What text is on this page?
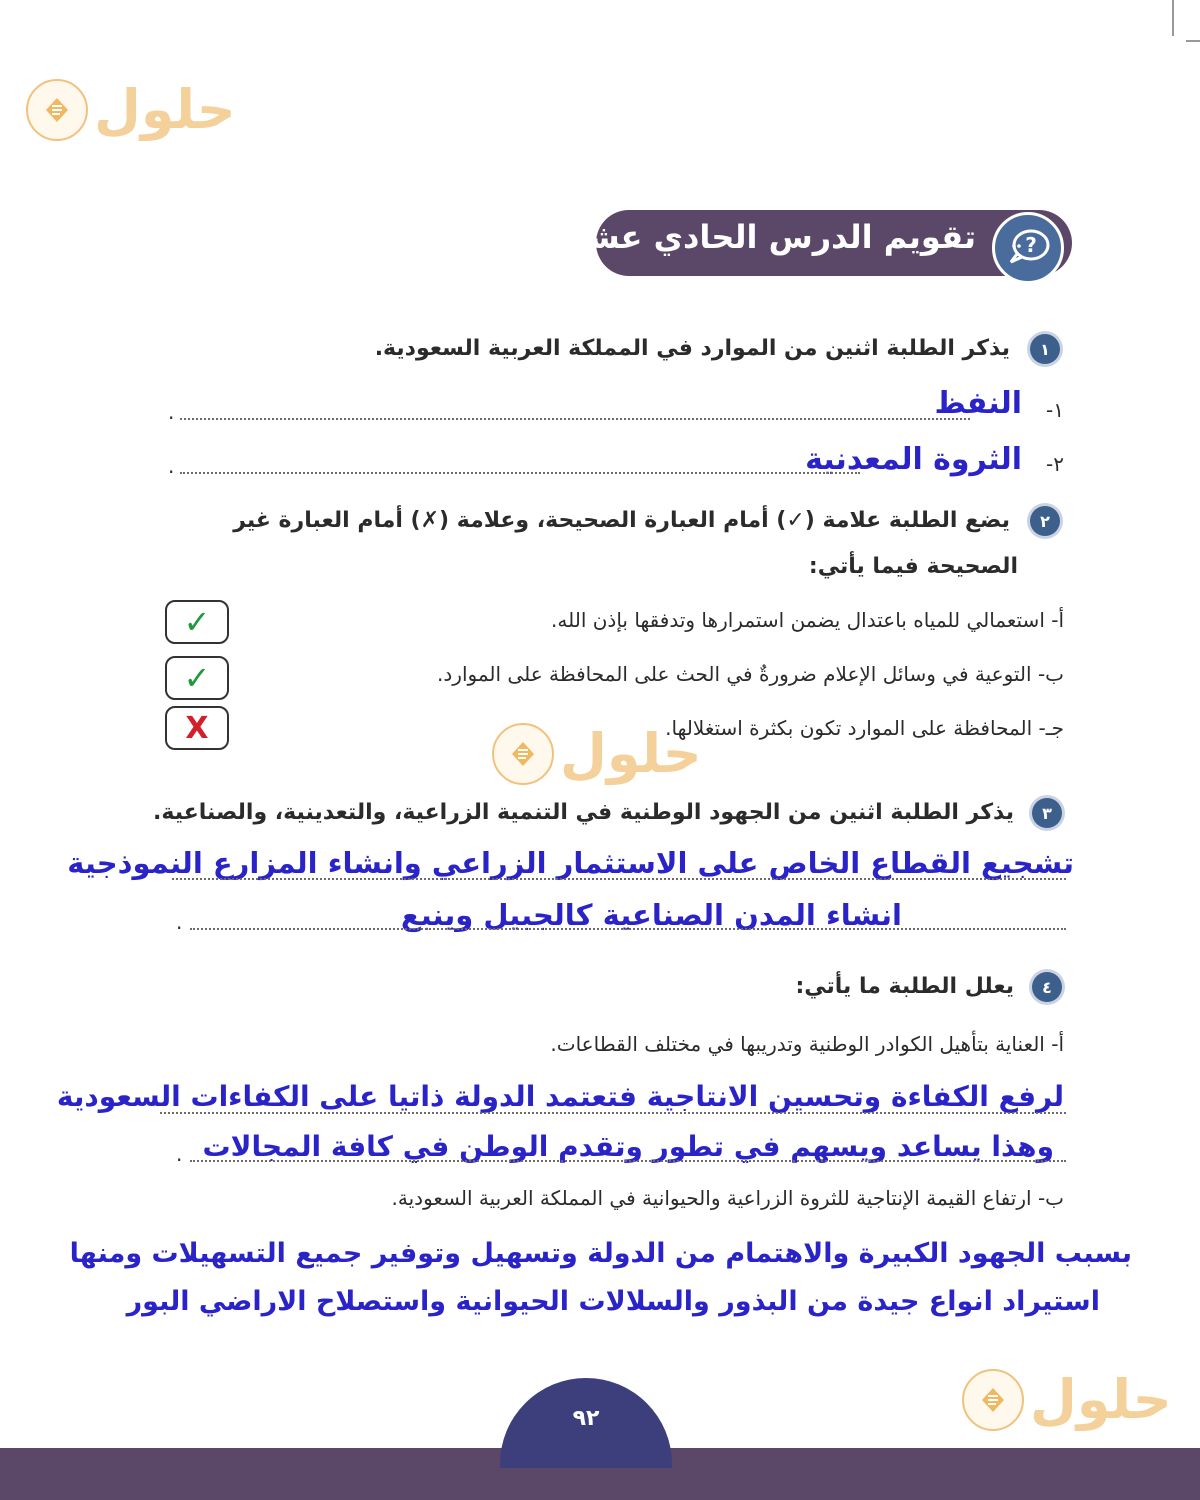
حلول
حلول
حلول
تقويم الدرس الحادي عشر ?
١
يذكر الطلبة اثنين من الموارد في المملكة العربية السعودية.
١-
النفظ
.
٢-
الثروة المعدنية
.
٢
يضع الطلبة علامة (✓) أمام العبارة الصحيحة، وعلامة (✗) أمام العبارة غير
الصحيحة فيما يأتي:
أ- استعمالي للمياه باعتدال يضمن استمرارها وتدفقها بإذن الله.
✓
ب- التوعية في وسائل الإعلام ضرورةٌ في الحث على المحافظة على الموارد.
✓
جـ- المحافظة على الموارد تكون بكثرة استغلالها.
X
٣
يذكر الطلبة اثنين من الجهود الوطنية في التنمية الزراعية، والتعدينية، والصناعية.
تشجيع القطاع الخاص على الاستثمار الزراعي وانشاء المزارع النموذجية
انشاء المدن الصناعية كالجبيل وينبع
.
٤
يعلل الطلبة ما يأتي:
أ- العناية بتأهيل الكوادر الوطنية وتدريبها في مختلف القطاعات.
لرفع الكفاءة وتحسين الانتاجية فتعتمد الدولة ذاتيا على الكفاءات السعودية
وهذا يساعد ويسهم في تطور وتقدم الوطن في كافة المجالات
.
ب- ارتفاع القيمة الإنتاجية للثروة الزراعية والحيوانية في المملكة العربية السعودية.
بسبب الجهود الكبيرة والاهتمام من الدولة وتسهيل وتوفير جميع التسهيلات ومنها
استيراد انواع جيدة من البذور والسلالات الحيوانية واستصلاح الاراضي البور
٩٢
